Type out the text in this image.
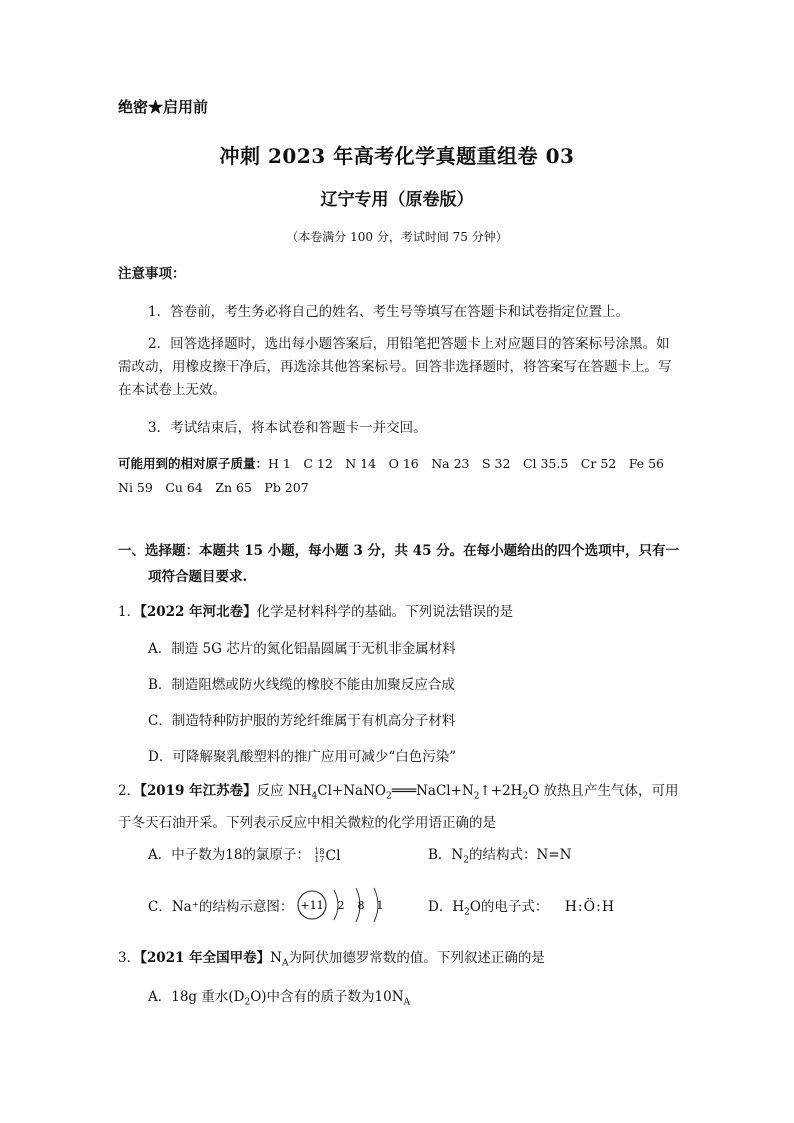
绝密★启用前
冲刺 2023 年高考化学真题重组卷 03
辽宁专用（原卷版）
（本卷满分 100 分，考试时间 75 分钟）
注意事项：
1．答卷前，考生务必将自己的姓名、考生号等填写在答题卡和试卷指定位置上。
2．回答选择题时，选出每小题答案后，用铅笔把答题卡上对应题目的答案标号涂黑。如需改动，用橡皮擦干净后，再选涂其他答案标号。回答非选择题时，将答案写在答题卡上。写在本试卷上无效。
3．考试结束后，将本试卷和答题卡一并交回。
可能用到的相对原子质量：H 1　C 12　N 14　O 16　Na 23　S 32　Cl 35.5　Cr 52　Fe 56　Ni 59　Cu 64　Zn 65　Pb 207
一、选择题：本题共 15 小题，每小题 3 分，共 45 分。在每小题给出的四个选项中，只有一项符合题目要求.
1．【2022 年河北卷】化学是材料科学的基础。下列说法错误的是
A．制造 5G 芯片的氮化铝晶圆属于无机非金属材料
B．制造阻燃或防火线缆的橡胶不能由加聚反应合成
C．制造特种防护服的芳纶纤维属于有机高分子材料
D．可降解聚乳酸塑料的推广应用可减少“白色污染”
2．【2019 年江苏卷】反应 $NH_4Cl+NaNO_2═══NaCl+N_2↑+2H_2O$ 放热且产生气体，可用于冬天石油开采。下列表示反应中相关微粒的化学用语正确的是
A．中子数为18的氯原子： 18
17 Cl	B．$N_2$的结构式：N=N
C．Na⁺的结构示意图： +11 2 8 1	D．$H_2O$的电子式： H:Ö:H
3．【2021 年全国甲卷】$N_A$为阿伏加德罗常数的值。下列叙述正确的是
A．18g 重水$(D_2O)$中含有的质子数为$10N_A$
